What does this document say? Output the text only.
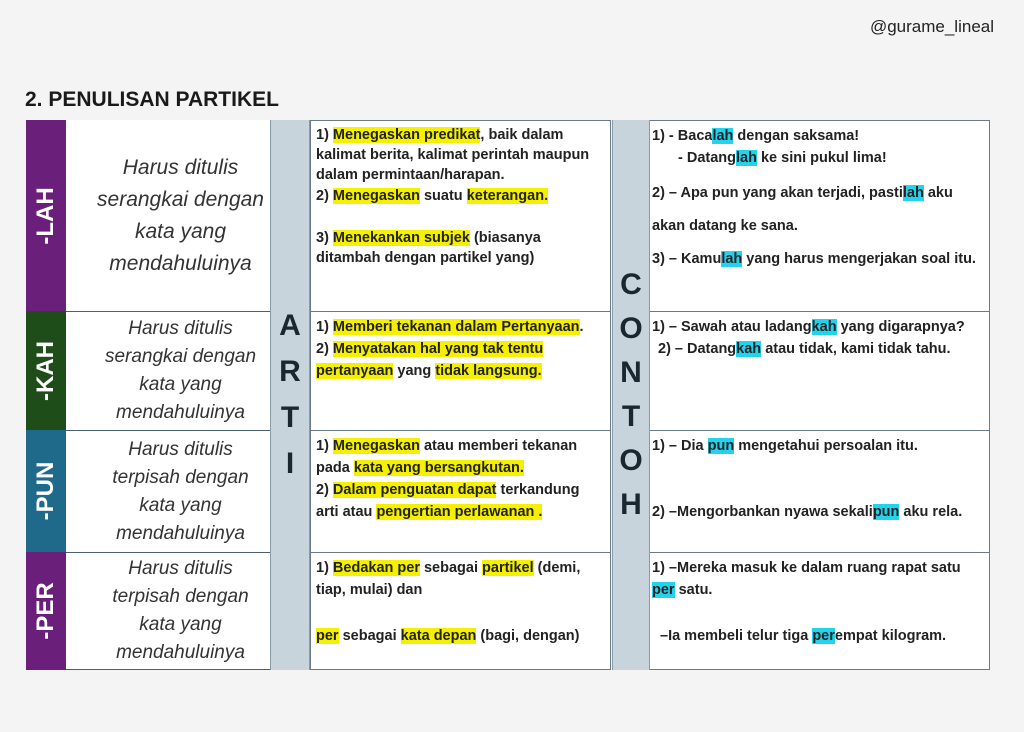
@gurame_lineal
2. PENULISAN PARTIKEL
-LAH
Harus ditulis
serangkai dengan
kata yang
mendahuluinya

1) Menegaskan predikat, baik dalam kalimat berita, kalimat perintah maupun dalam permintaan/harapan.

2) Menegaskan suatu keterangan.

3) Menekankan subjek (biasanya ditambah dengan partikel yang)

1) - Bacalah dengan saksama!

- Datanglah ke sini pukul lima!

2) – Apa pun yang akan terjadi, pastilah aku akan datang ke sana.

3) – Kamulah yang harus mengerjakan soal itu.

-KAH
Harus ditulis
serangkai dengan
kata yang
mendahuluinya

1) Memberi tekanan dalam Pertanyaan.

2) Menyatakan hal yang tak tentu pertanyaan yang tidak langsung.

1) – Sawah atau ladangkah yang digarapnya?

2) – Datangkah atau tidak, kami tidak tahu.

-PUN
Harus ditulis
terpisah dengan
kata yang
mendahuluinya

1) Menegaskan atau memberi tekanan pada kata yang bersangkutan.

2) Dalam penguatan dapat terkandung arti atau pengertian perlawanan .

1) – Dia pun mengetahui persoalan itu.

2) –Mengorbankan nyawa sekalipun aku rela.

-PER
Harus ditulis
terpisah dengan
kata yang
mendahuluinya

1) Bedakan per sebagai partikel (demi, tiap, mulai) dan

per sebagai kata depan (bagi, dengan)

1) –Mereka masuk ke dalam ruang rapat satu per satu.

–Ia membeli telur tiga perempat kilogram.

A
R
T
I
C
O
N
T
O
H
